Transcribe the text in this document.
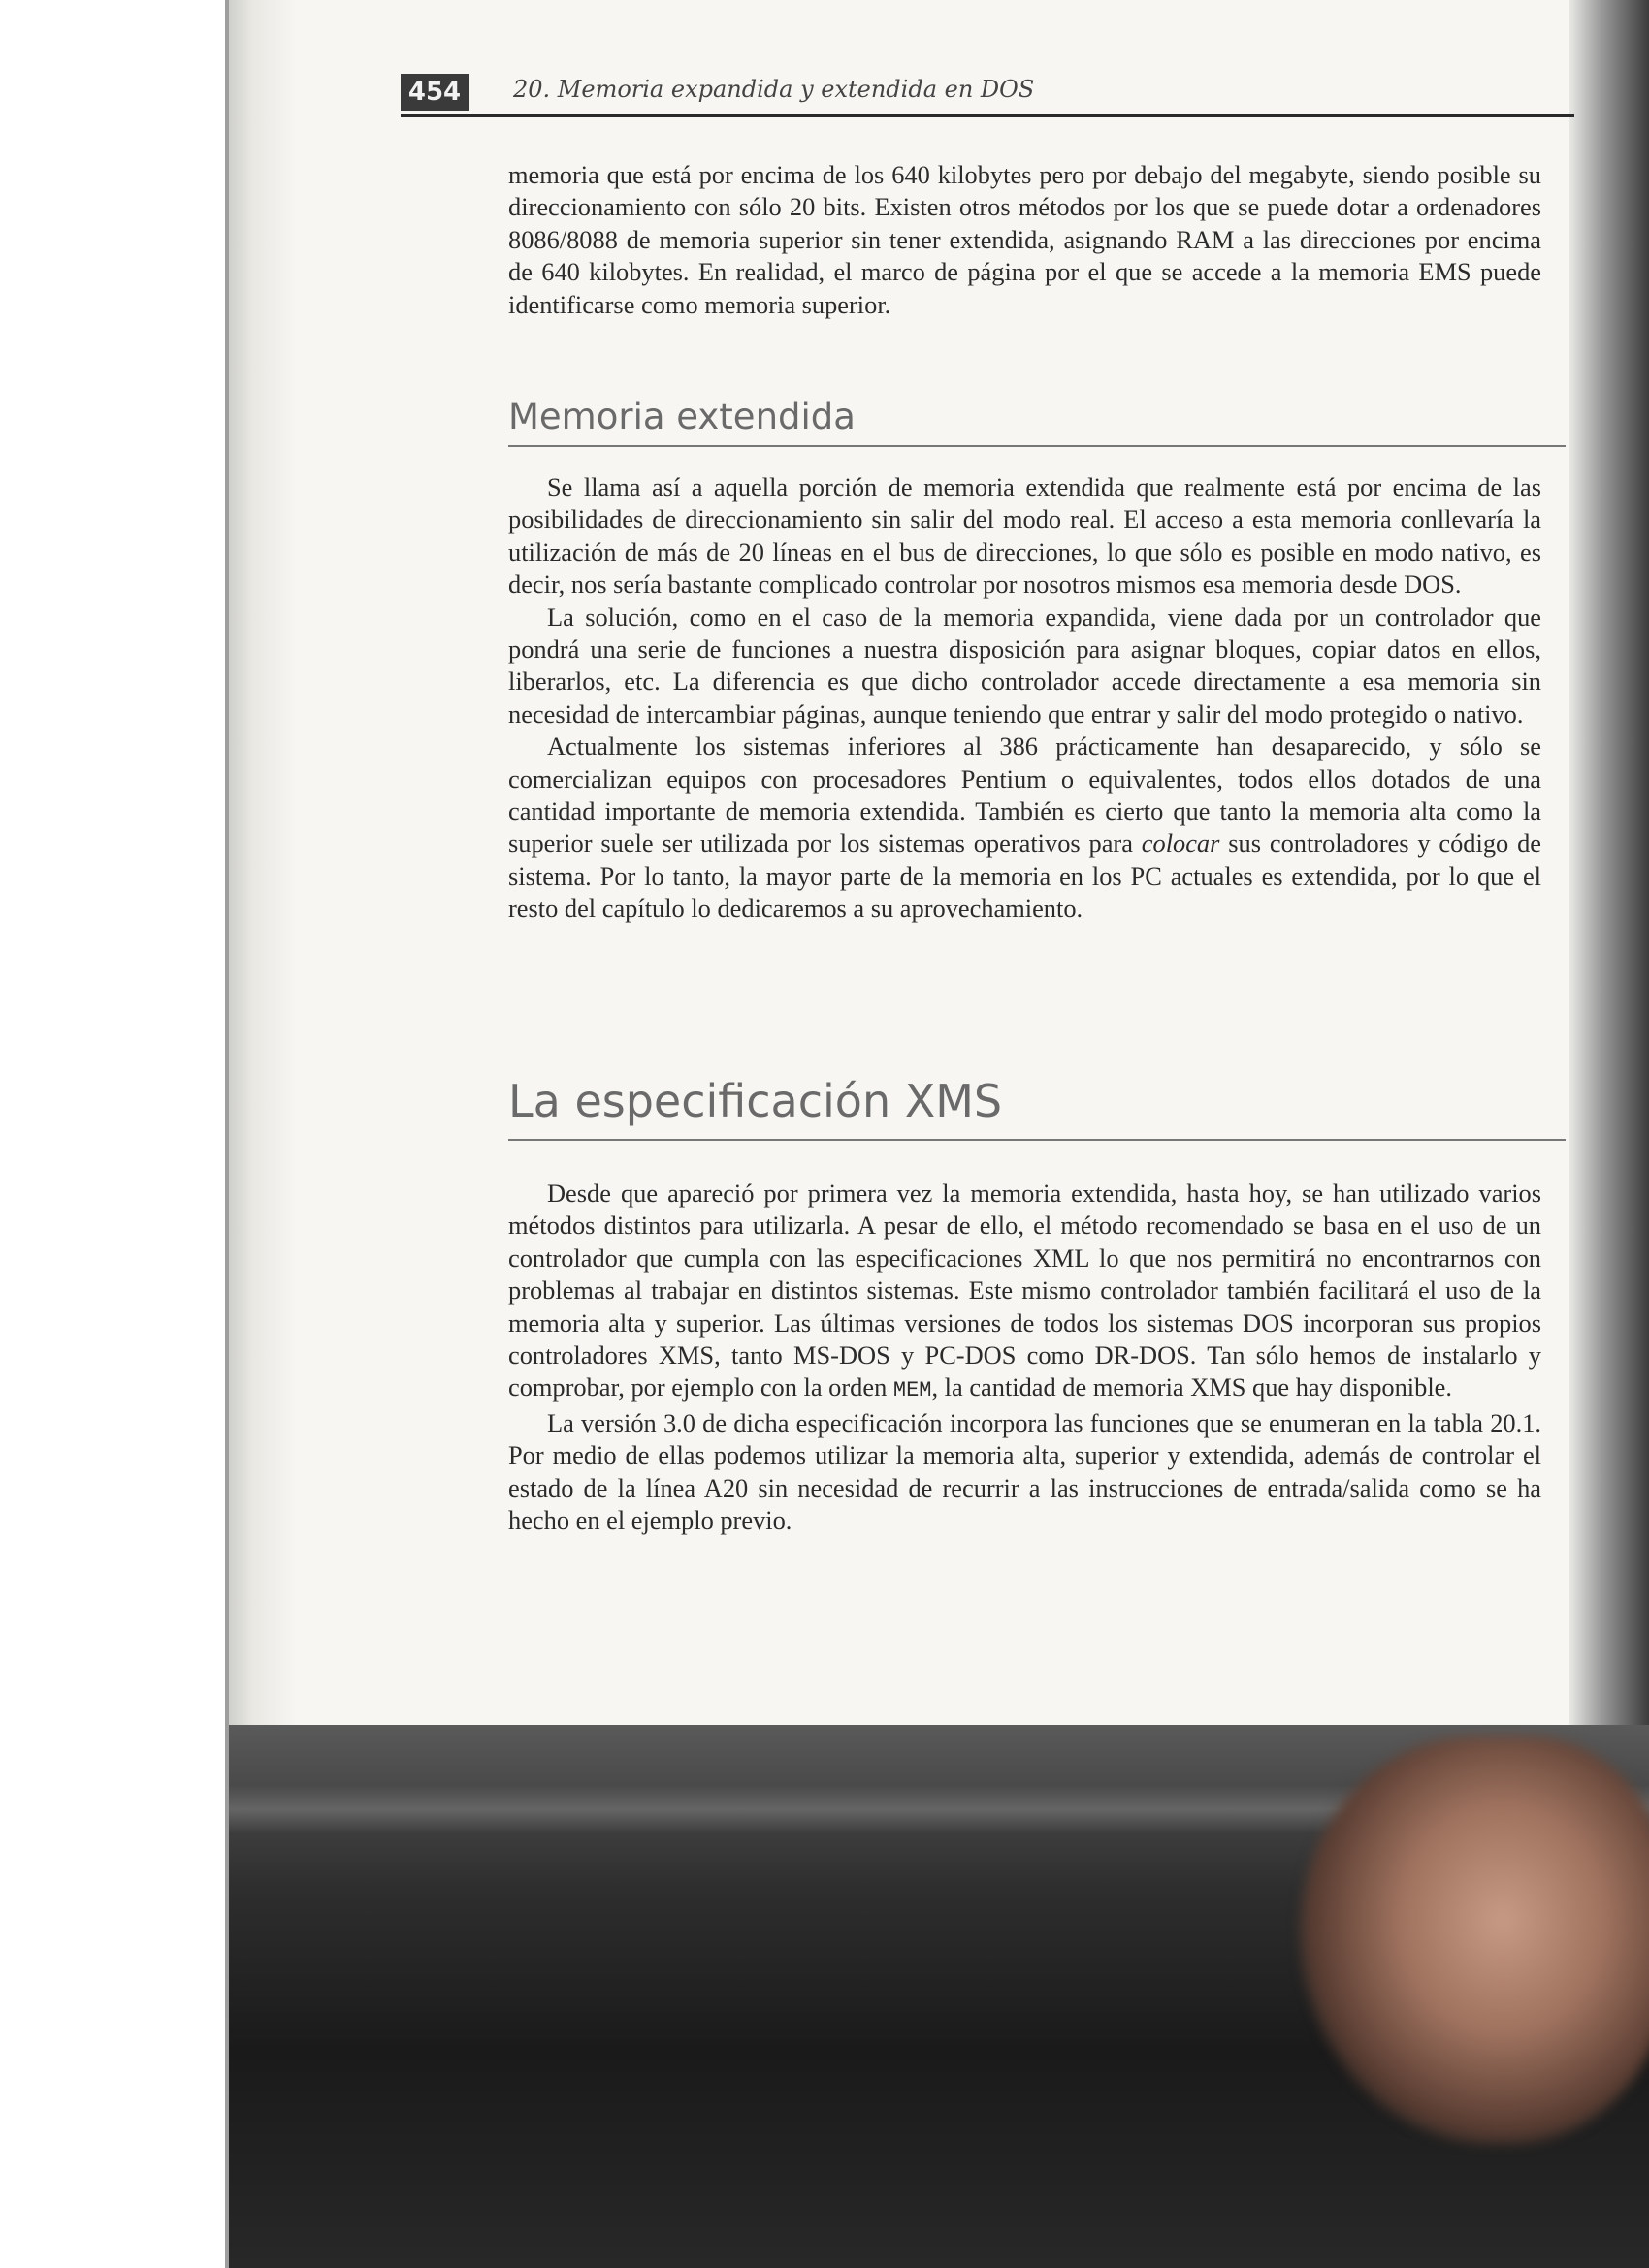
454	20. Memoria expandida y extendida en DOS

memoria que está por encima de los 640 kilobytes pero por debajo del megabyte, siendo posible su direccionamiento con sólo 20 bits. Existen otros métodos por los que se puede dotar a ordenadores 8086/8088 de memoria superior sin tener extendida, asignando RAM a las direcciones por encima de 640 kilobytes. En realidad, el marco de página por el que se accede a la memoria EMS puede identificarse como memoria superior.

Memoria extendida

Se llama así a aquella porción de memoria extendida que realmente está por encima de las posibilidades de direccionamiento sin salir del modo real. El acceso a esta memoria conllevaría la utilización de más de 20 líneas en el bus de direcciones, lo que sólo es posible en modo nativo, es decir, nos sería bastante complicado controlar por nosotros mismos esa memoria desde DOS.

La solución, como en el caso de la memoria expandida, viene dada por un controlador que pondrá una serie de funciones a nuestra disposición para asignar bloques, copiar datos en ellos, liberarlos, etc. La diferencia es que dicho controlador accede directamente a esa memoria sin necesidad de intercambiar páginas, aunque teniendo que entrar y salir del modo protegido o nativo.

Actualmente los sistemas inferiores al 386 prácticamente han desaparecido, y sólo se comercializan equipos con procesadores Pentium o equivalentes, todos ellos dotados de una cantidad importante de memoria extendida. También es cierto que tanto la memoria alta como la superior suele ser utilizada por los sistemas operativos para colocar sus controladores y código de sistema. Por lo tanto, la mayor parte de la memoria en los PC actuales es extendida, por lo que el resto del capítulo lo dedicaremos a su aprovechamiento.

La especificación XMS

Desde que apareció por primera vez la memoria extendida, hasta hoy, se han utilizado varios métodos distintos para utilizarla. A pesar de ello, el método recomendado se basa en el uso de un controlador que cumpla con las especificaciones XML lo que nos permitirá no encontrarnos con problemas al trabajar en distintos sistemas. Este mismo controlador también facilitará el uso de la memoria alta y superior. Las últimas versiones de todos los sistemas DOS incorporan sus propios controladores XMS, tanto MS-DOS y PC-DOS como DR-DOS. Tan sólo hemos de instalarlo y comprobar, por ejemplo con la orden MEM, la cantidad de memoria XMS que hay disponible.

La versión 3.0 de dicha especificación incorpora las funciones que se enumeran en la tabla 20.1. Por medio de ellas podemos utilizar la memoria alta, superior y extendida, además de controlar el estado de la línea A20 sin necesidad de recurrir a las instrucciones de entrada/salida como se ha hecho en el ejemplo previo.
